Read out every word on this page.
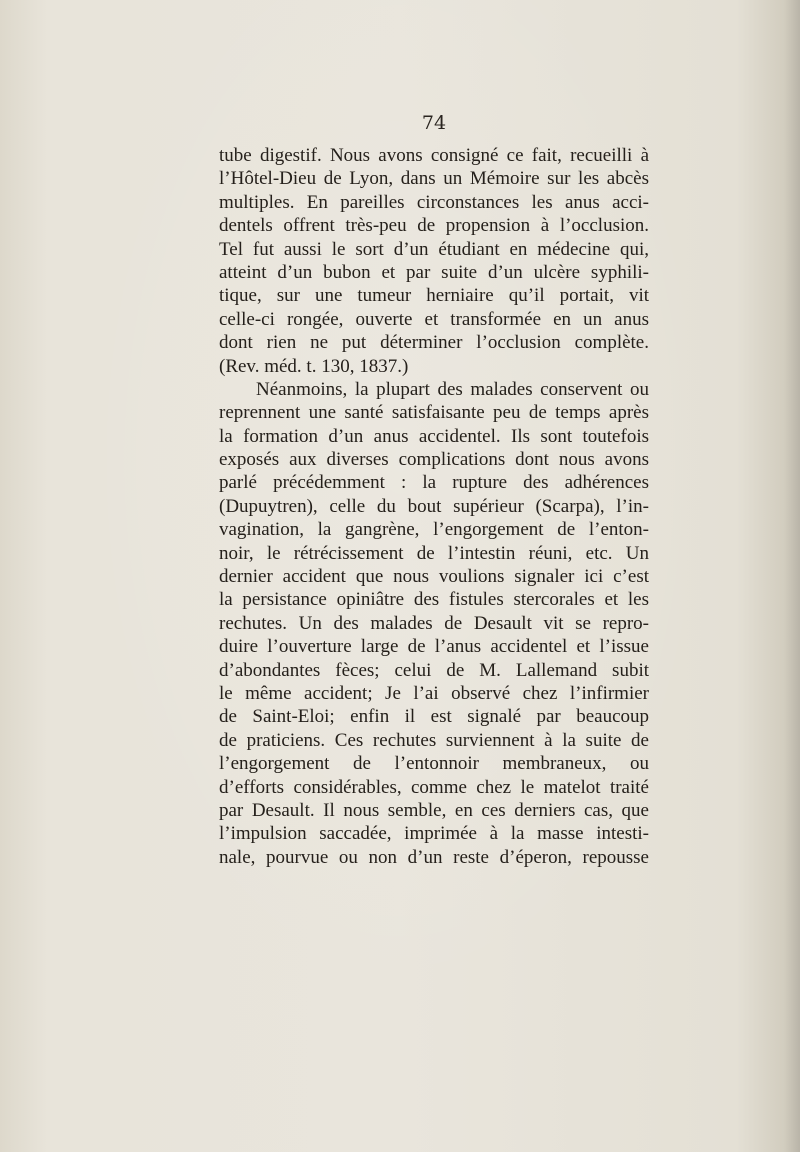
74
tube digestif. Nous avons consigné ce fait, recueilli à
l’Hôtel-Dieu de Lyon, dans un Mémoire sur les abcès
multiples. En pareilles circonstances les anus acci-
dentels offrent très-peu de propension à l’occlusion.
Tel fut aussi le sort d’un étudiant en médecine qui,
atteint d’un bubon et par suite d’un ulcère syphili-
tique, sur une tumeur herniaire qu’il portait, vit
celle-ci rongée, ouverte et transformée en un anus
dont rien ne put déterminer l’occlusion complète.
(Rev. méd. t. 130, 1837.)
Néanmoins, la plupart des malades conservent ou
reprennent une santé satisfaisante peu de temps après
la formation d’un anus accidentel. Ils sont toutefois
exposés aux diverses complications dont nous avons
parlé précédemment : la rupture des adhérences
(Dupuytren), celle du bout supérieur (Scarpa), l’in-
vagination, la gangrène, l’engorgement de l’enton-
noir, le rétrécissement de l’intestin réuni, etc. Un
dernier accident que nous voulions signaler ici c’est
la persistance opiniâtre des fistules stercorales et les
rechutes. Un des malades de Desault vit se repro-
duire l’ouverture large de l’anus accidentel et l’issue
d’abondantes fèces; celui de M. Lallemand subit
le même accident; Je l’ai observé chez l’infirmier
de Saint-Eloi; enfin il est signalé par beaucoup
de praticiens. Ces rechutes surviennent à la suite de
l’engorgement de l’entonnoir membraneux, ou
d’efforts considérables, comme chez le matelot traité
par Desault. Il nous semble, en ces derniers cas, que
l’impulsion saccadée, imprimée à la masse intesti-
nale, pourvue ou non d’un reste d’éperon, repousse
